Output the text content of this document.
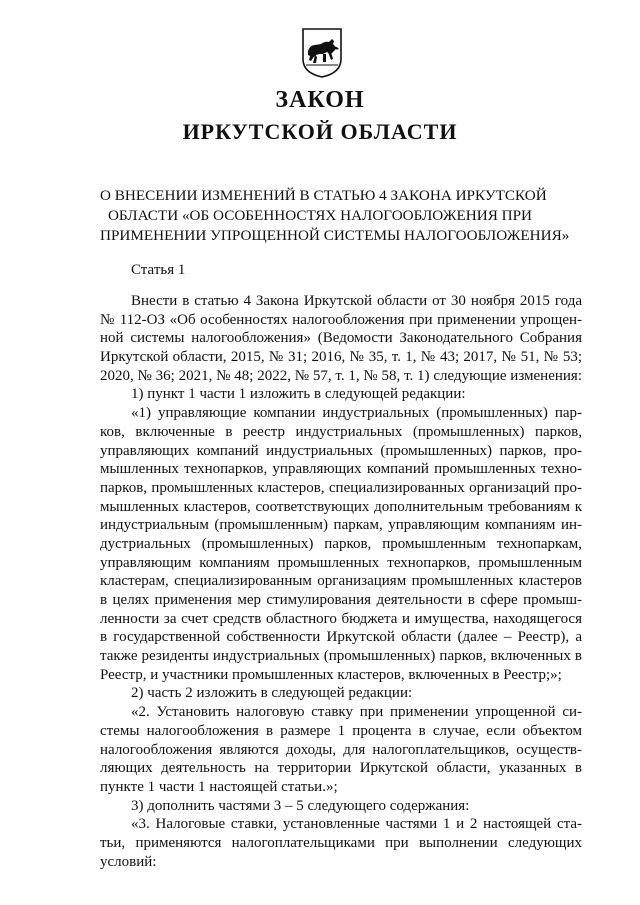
ЗАКОН
ИРКУТСКОЙ ОБЛАСТИ
О ВНЕСЕНИИ ИЗМЕНЕНИЙ В СТАТЬЮ 4 ЗАКОНА ИРКУТСКОЙ
ОБЛАСТИ «ОБ ОСОБЕННОСТЯХ НАЛОГООБЛОЖЕНИЯ ПРИ
ПРИМЕНЕНИИ УПРОЩЕННОЙ СИСТЕМЫ НАЛОГООБЛОЖЕНИЯ»
Статья 1
Внести в статью 4 Закона Иркутской области от 30 ноября 2015 года
№ 112-ОЗ «Об особенностях налогообложения при применении упрощен-
ной системы налогообложения» (Ведомости Законодательного Собрания
Иркутской области, 2015, № 31; 2016, № 35, т. 1, № 43; 2017, № 51, № 53;
2020, № 36; 2021, № 48; 2022, № 57, т. 1, № 58, т. 1) следующие изменения:
1) пункт 1 части 1 изложить в следующей редакции:
«1) управляющие компании индустриальных (промышленных) пар-
ков, включенные в реестр индустриальных (промышленных) парков,
управляющих компаний индустриальных (промышленных) парков, про-
мышленных технопарков, управляющих компаний промышленных техно-
парков, промышленных кластеров, специализированных организаций про-
мышленных кластеров, соответствующих дополнительным требованиям к
индустриальным (промышленным) паркам, управляющим компаниям ин-
дустриальных (промышленных) парков, промышленным технопаркам,
управляющим компаниям промышленных технопарков, промышленным
кластерам, специализированным организациям промышленных кластеров
в целях применения мер стимулирования деятельности в сфере промыш-
ленности за счет средств областного бюджета и имущества, находящегося
в государственной собственности Иркутской области (далее – Реестр), а
также резиденты индустриальных (промышленных) парков, включенных в
Реестр, и участники промышленных кластеров, включенных в Реестр;»;
2) часть 2 изложить в следующей редакции:
«2. Установить налоговую ставку при применении упрощенной си-
стемы налогообложения в размере 1 процента в случае, если объектом
налогообложения являются доходы, для налогоплательщиков, осуществ-
ляющих деятельность на территории Иркутской области, указанных в
пункте 1 части 1 настоящей статьи.»;
3) дополнить частями 3 – 5 следующего содержания:
«3. Налоговые ставки, установленные частями 1 и 2 настоящей ста-
тьи, применяются налогоплательщиками при выполнении следующих
условий:
